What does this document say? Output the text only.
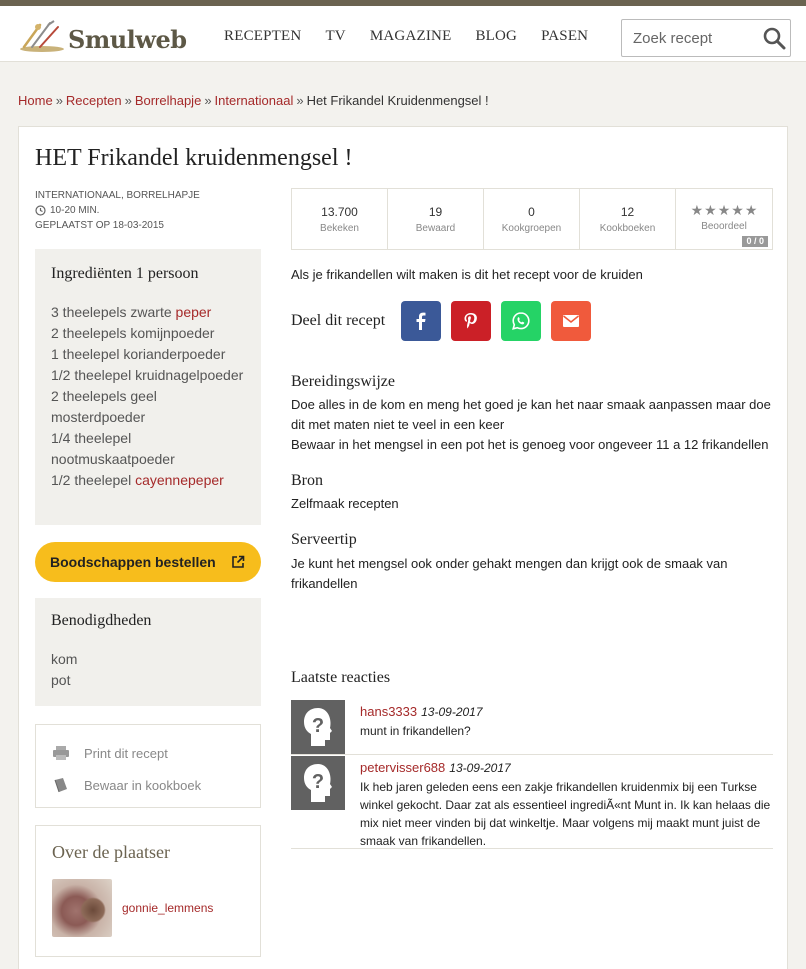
Smulweb RECEPTEN TV MAGAZINE BLOG PASEN
Zoek recept
Home » Recepten » Borrelhapje » Internationaal » Het Frikandel Kruidenmengsel !
HET Frikandel kruidenmengsel !
INTERNATIONAAL, BORRELHAPJE
10-20 MIN.
GEPLAATST OP 18-03-2015
Ingrediënten 1 persoon
3 theelepels zwarte peper
2 theelepels komijnpoeder
1 theelepel korianderpoeder
1/2 theelepel kruidnagelpoeder
2 theelepels geel mosterdpoeder
1/4 theelepel nootmuskaatpoeder
1/2 theelepel cayennepeper
Boodschappen bestellen
Benodigdheden
kom
pot
Print dit recept
Bewaar in kookboek
Over de plaatser
gonnie_lemmens
13.700
Bekeken
19
Bewaard
0
Kookgroepen
12
Kookboeken
★ ★ ★ ★ ★
Beoordeel
0 / 0
Als je frikandellen wilt maken is dit het recept voor de kruiden
Deel dit recept
Bereidingswijze
Doe alles in de kom en meng het goed je kan het naar smaak aanpassen maar doe dit met maten niet te veel in een keer
Bewaar in het mengsel in een pot het is genoeg voor ongeveer 11 a 12 frikandellen
Bron
Zelfmaak recepten
Serveertip
Je kunt het mengsel ook onder gehakt mengen dan krijgt ook de smaak van frikandellen
Laatste reacties
?
hans3333 13-09-2017
munt in frikandellen?
?
petervisser688 13-09-2017
Ik heb jaren geleden eens een zakje frikandellen kruidenmix bij een Turkse winkel gekocht. Daar zat als essentieel ingrediÃ«nt Munt in. Ik kan helaas die mix niet meer vinden bij dat winkeltje. Maar volgens mij maakt munt juist de smaak van frikandellen.
